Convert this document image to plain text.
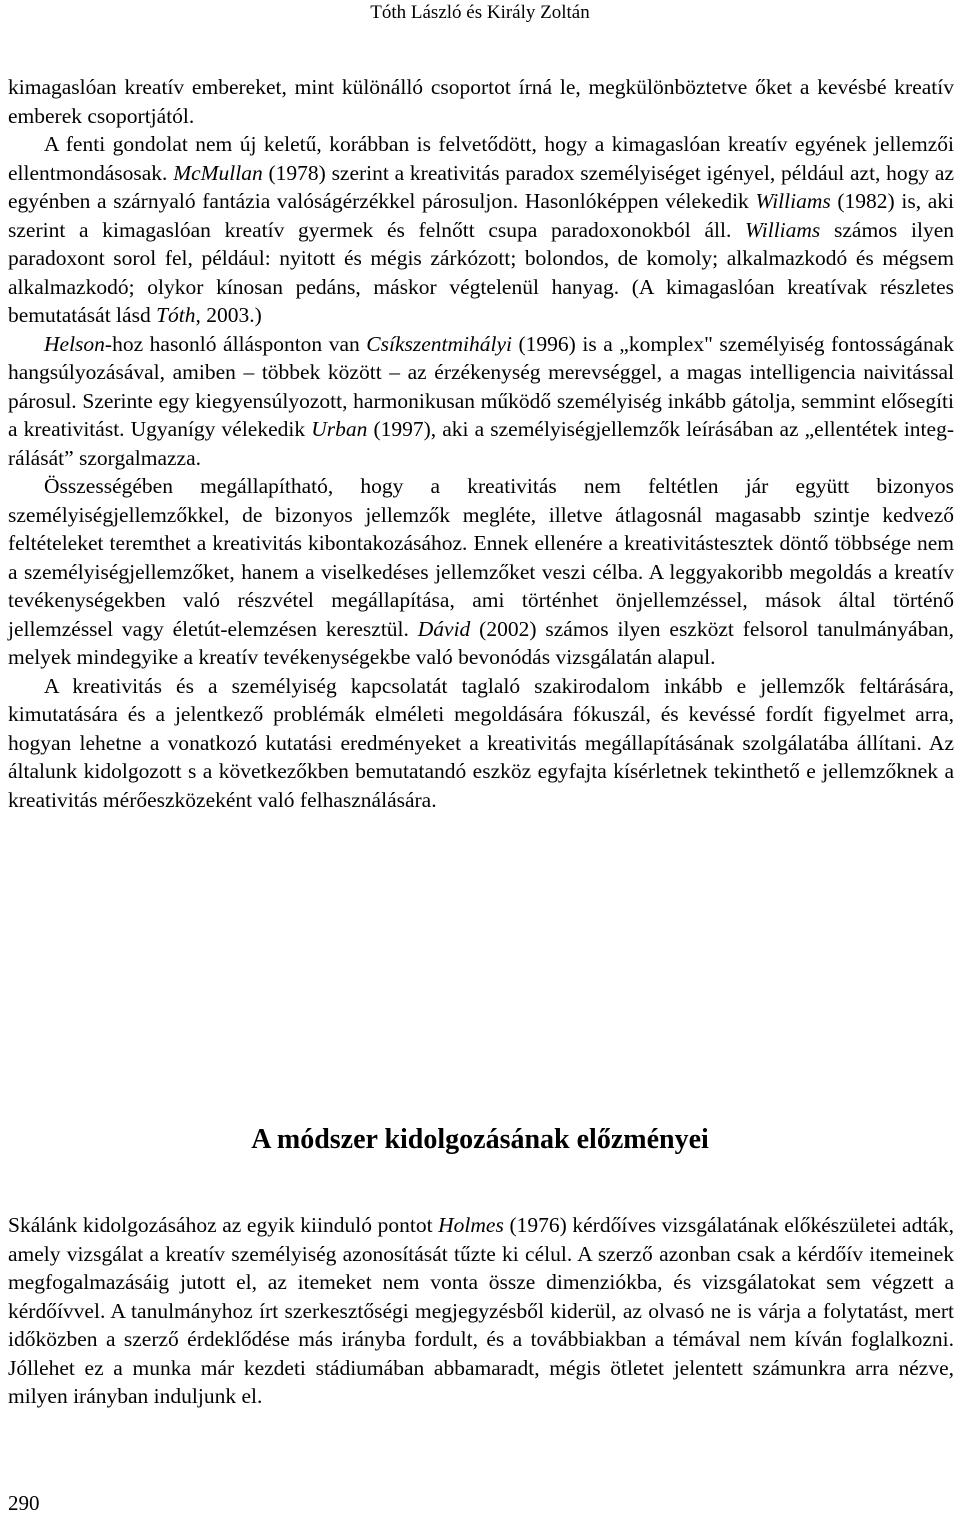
Tóth László és Király Zoltán

kimagaslóan kreatív embereket, mint különálló csoportot írná le, megkülönböztetve őket a kevésbé kreatív emberek csoportjától.

A fenti gondolat nem új keletű, korábban is felvetődött, hogy a kimagaslóan kreatív egyének jellemzői ellentmondásosak. McMullan (1978) szerint a kreativitás paradox személyiséget igényel, például azt, hogy az egyénben a szárnyaló fantázia valóságérzékkel párosuljon. Hasonlóképpen vélekedik Williams (1982) is, aki szerint a kimagaslóan kreatív gyermek és felnőtt csupa paradoxonokból áll. Williams számos ilyen paradoxont sorol fel, például: nyitott és mégis zárkózott; bolondos, de komoly; alkalmazkodó és mégsem alkalmazkodó; olykor kínosan pedáns, máskor végtelenül hanyag. (A kimagaslóan kreatívak részletes bemutatását lásd Tóth, 2003.)

Helson-hoz hasonló állásponton van Csíkszentmihályi (1996) is a „komplex" személyiség fontosságának hangsúlyozásával, amiben – többek között – az érzékenység merevséggel, a magas intelligencia naivitással párosul. Szerinte egy kiegyensúlyozott, harmonikusan működő személyiség inkább gátolja, semmint elősegíti a kreativitást. Ugyanígy vélekedik Urban (1997), aki a személyiségjellemzők leírásában az „ellentétek integrálását” szorgalmazza.

Összességében megállapítható, hogy a kreativitás nem feltétlen jár együtt bizonyos személyiségjellemzőkkel, de bizonyos jellemzők megléte, illetve átlagosnál magasabb szintje kedvező feltételeket teremthet a kreativitás kibontakozásához. Ennek ellenére a kreativitástesztek döntő többsége nem a személyiségjellemzőket, hanem a viselkedéses jellemzőket veszi célba. A leggyakoribb megoldás a kreatív tevékenységekben való részvétel megállapítása, ami történhet önjellemzéssel, mások által történő jellemzéssel vagy életút-elemzésen keresztül. Dávid (2002) számos ilyen eszközt felsorol tanulmányában, melyek mindegyike a kreatív tevékenységekbe való bevonódás vizsgálatán alapul.

A kreativitás és a személyiség kapcsolatát taglaló szakirodalom inkább e jellemzők feltárására, kimutatására és a jelentkező problémák elméleti megoldására fókuszál, és kevéssé fordít figyelmet arra, hogyan lehetne a vonatkozó kutatási eredményeket a kreativitás megállapításának szolgálatába állítani. Az általunk kidolgozott s a következőkben bemutatandó eszköz egyfajta kísérletnek tekinthető e jellemzőknek a kreativitás mérőeszközeként való felhasználására.

A módszer kidolgozásának előzményei

Skálánk kidolgozásához az egyik kiinduló pontot Holmes (1976) kérdőíves vizsgálatának előkészületei adták, amely vizsgálat a kreatív személyiség azonosítását tűzte ki célul. A szerző azonban csak a kérdőív itemeinek megfogalmazásáig jutott el, az itemeket nem vonta össze dimenziókba, és vizsgálatokat sem végzett a kérdőívvel. A tanulmányhoz írt szerkesztőségi megjegyzésből kiderül, az olvasó ne is várja a folytatást, mert időközben a szerző érdeklődése más irányba fordult, és a továbbiakban a témával nem kíván foglalkozni. Jóllehet ez a munka már kezdeti stádiumában abbamaradt, mégis ötletet jelentett számunkra arra nézve, milyen irányban induljunk el.

290
